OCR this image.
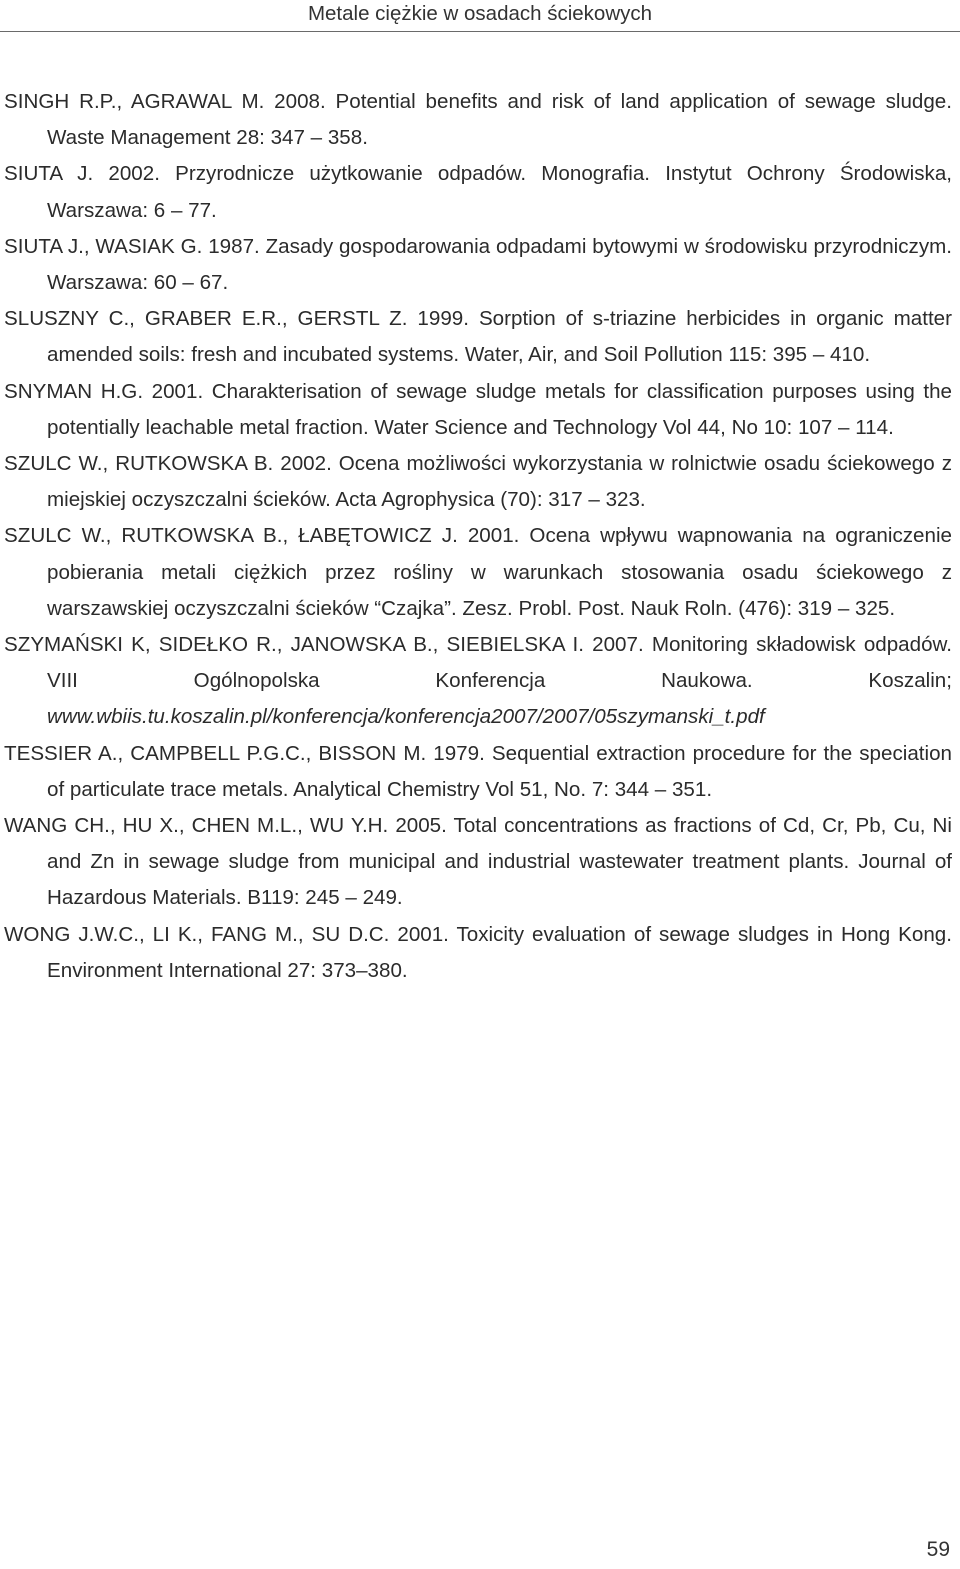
Metale ciężkie w osadach ściekowych
SINGH R.P., AGRAWAL M. 2008. Potential benefits and risk of land application of sewage sludge. Waste Management 28: 347 – 358.
SIUTA J. 2002. Przyrodnicze użytkowanie odpadów. Monografia. Instytut Ochrony Środowiska, Warszawa: 6 – 77.
SIUTA J., WASIAK G. 1987. Zasady gospodarowania odpadami bytowymi w środowisku przyrodniczym. Warszawa: 60 – 67.
SLUSZNY C., GRABER E.R., GERSTL Z. 1999. Sorption of s-triazine herbicides in organic matter amended soils: fresh and incubated systems. Water, Air, and Soil Pollution 115: 395 – 410.
SNYMAN H.G. 2001. Charakterisation of sewage sludge metals for classification purposes using the potentially leachable metal fraction. Water Science and Technology Vol 44, No 10: 107 – 114.
SZULC W., RUTKOWSKA B. 2002. Ocena możliwości wykorzystania w rolnictwie osadu ściekowego z miejskiej oczyszczalni ścieków. Acta Agrophysica (70): 317 – 323.
SZULC W., RUTKOWSKA B., ŁABĘTOWICZ J. 2001. Ocena wpływu wapnowania na ograniczenie pobierania metali ciężkich przez rośliny w warunkach stosowania osadu ściekowego z warszawskiej oczyszczalni ścieków “Czajka”. Zesz. Probl. Post. Nauk Roln. (476): 319 – 325.
SZYMAŃSKI K, SIDEŁKO R., JANOWSKA B., SIEBIELSKA I. 2007. Monitoring składowisk odpadów. VIII Ogólnopolska Konferencja Naukowa. Koszalin; www.wbiis.tu.koszalin.pl/konferencja/konferencja2007/2007/05szymanski_t.pdf
TESSIER A., CAMPBELL P.G.C., BISSON M. 1979. Sequential extraction procedure for the speciation of particulate trace metals. Analytical Chemistry Vol 51, No. 7: 344 – 351.
WANG CH., HU X., CHEN M.L., WU Y.H. 2005. Total concentrations as fractions of Cd, Cr, Pb, Cu, Ni and Zn in sewage sludge from municipal and industrial wastewater treatment plants. Journal of Hazardous Materials. B119: 245 – 249.
WONG J.W.C., LI K., FANG M., SU D.C. 2001. Toxicity evaluation of sewage sludges in Hong Kong. Environment International 27: 373–380.
59
